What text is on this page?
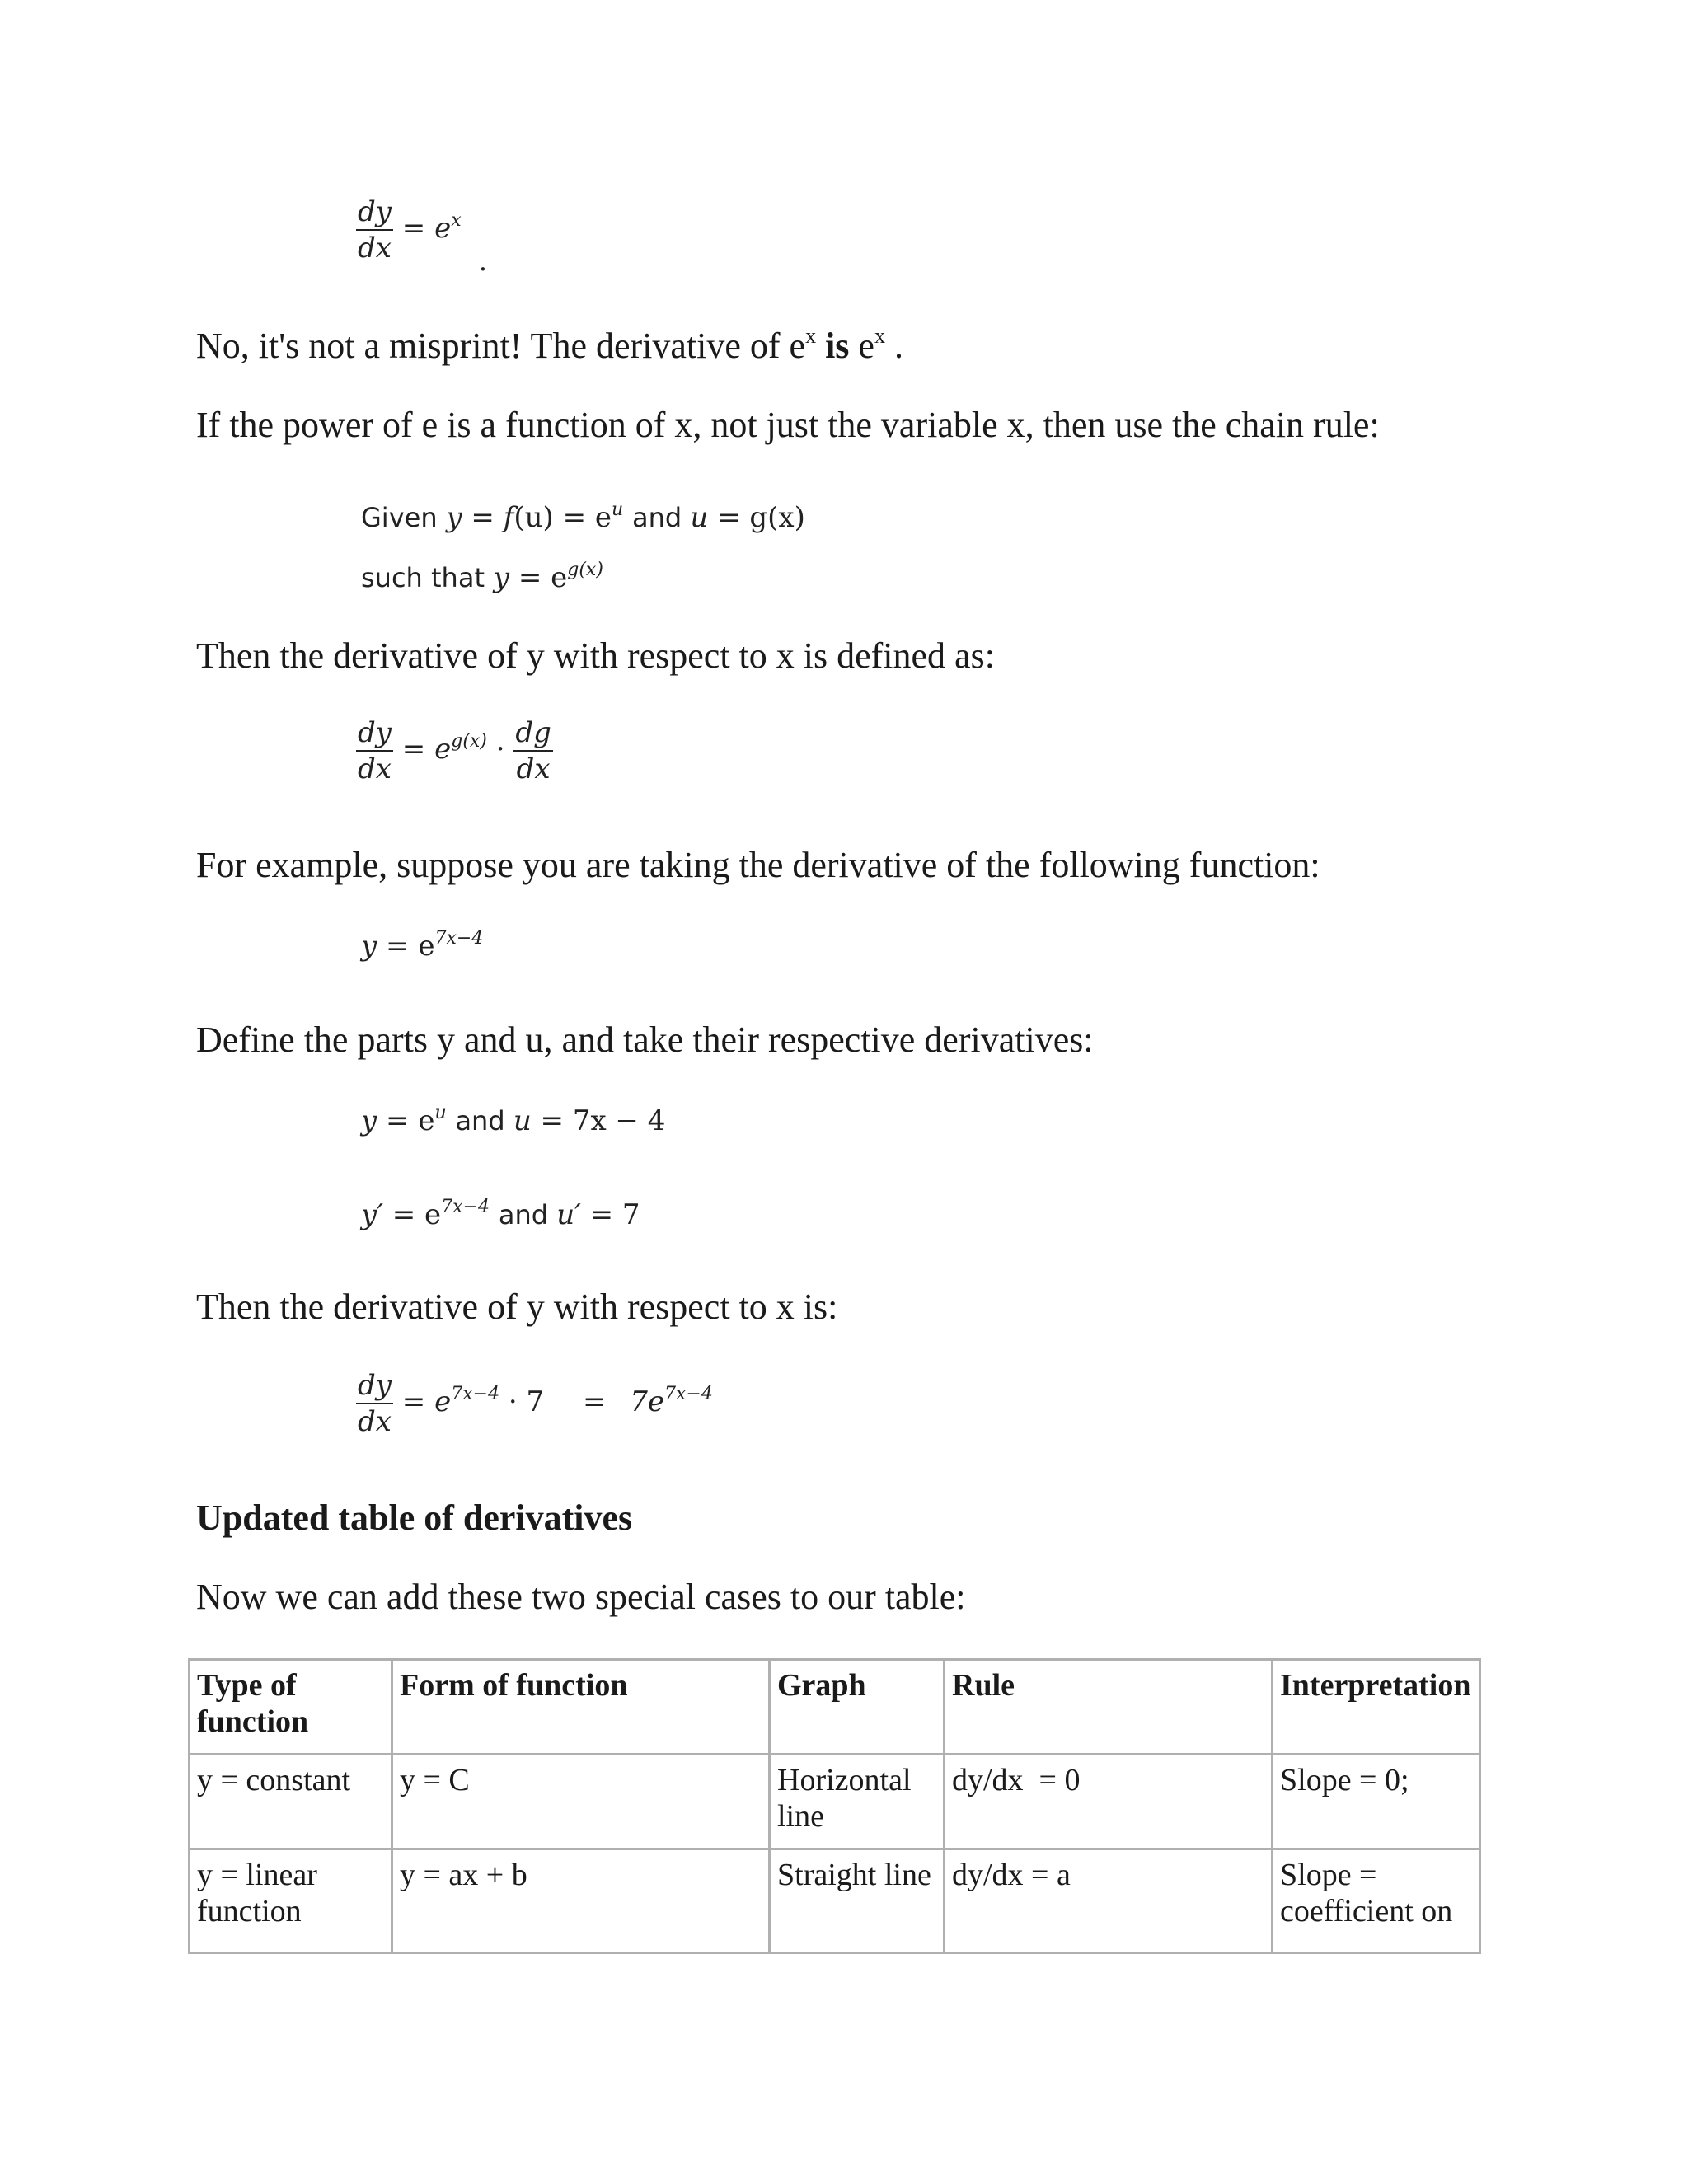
$\frac{dy}{dx} = e^x$ .
No, it's not a misprint! The derivative of $e^x$ is $e^x$ .
If the power of e is a function of x, not just the variable x, then use the chain rule:
Given $y = f(u) = e^u$ and u = g(x)
such that $y = e^{g(x)}$
Then the derivative of y with respect to x is defined as:
$\frac{dy}{dx} = e^{g(x)} \cdot \frac{dg}{dx}$
For example, suppose you are taking the derivative of the following function:
$y = e^{7x-4}$
Define the parts y and u, and take their respective derivatives:
$y = e^u$ and u = 7x − 4
$y' = e^{7x-4}$ and u′ = 7
Then the derivative of y with respect to x is:
$\frac{dy}{dx} = e^{7x-4} \cdot 7 = 7e^{7x-4}$
Updated table of derivatives
Now we can add these two special cases to our table:
Type of function	Form of function	Graph	Rule	Interpretation
y = constant	y = C	Horizontal line	dy/dx  = 0	Slope = 0;
y = linear function	y = ax + b	Straight line	dy/dx = a	Slope = coefficient on
